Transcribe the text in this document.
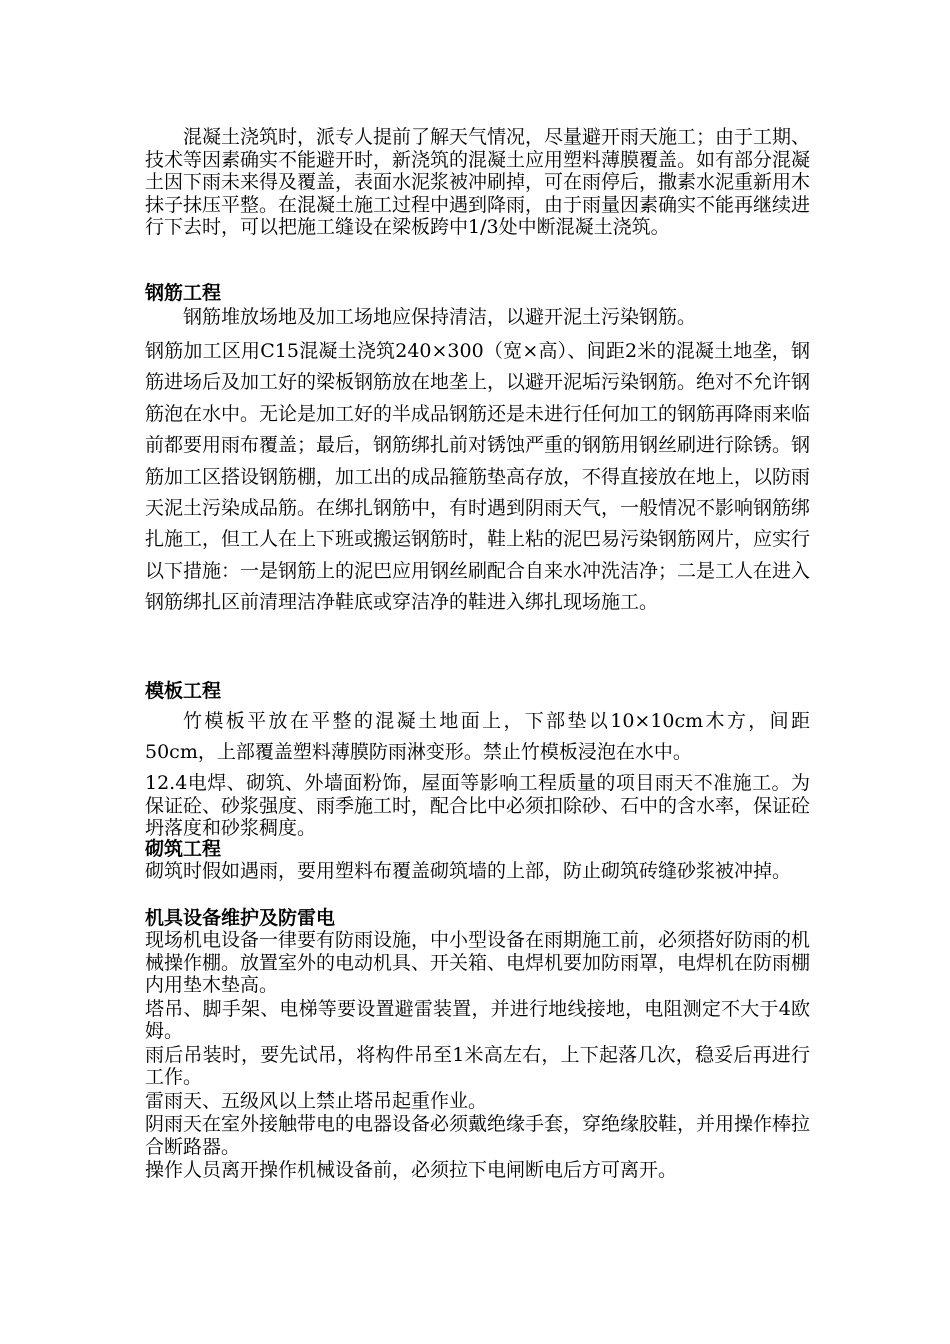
混凝土浇筑时，派专人提前了解天气情况，尽量避开雨天施工；由于工期、技术等因素确实不能避开时，新浇筑的混凝土应用塑料薄膜覆盖。如有部分混凝土因下雨未来得及覆盖，表面水泥浆被冲刷掉，可在雨停后，撒素水泥重新用木抹子抹压平整。在混凝土施工过程中遇到降雨，由于雨量因素确实不能再继续进行下去时，可以把施工缝设在梁板跨中1/3处中断混凝土浇筑。

钢筋工程

钢筋堆放场地及加工场地应保持清洁，以避开泥土污染钢筋。

钢筋加工区用C15混凝土浇筑240×300（宽×高）、间距2米的混凝土地垄，钢筋进场后及加工好的梁板钢筋放在地垄上，以避开泥垢污染钢筋。绝对不允许钢筋泡在水中。无论是加工好的半成品钢筋还是未进行任何加工的钢筋再降雨来临前都要用雨布覆盖；最后，钢筋绑扎前对锈蚀严重的钢筋用钢丝刷进行除锈。钢筋加工区搭设钢筋棚，加工出的成品箍筋垫高存放，不得直接放在地上，以防雨天泥土污染成品筋。在绑扎钢筋中，有时遇到阴雨天气，一般情况不影响钢筋绑扎施工，但工人在上下班或搬运钢筋时，鞋上粘的泥巴易污染钢筋网片，应实行以下措施：一是钢筋上的泥巴应用钢丝刷配合自来水冲洗洁净；二是工人在进入钢筋绑扎区前清理洁净鞋底或穿洁净的鞋进入绑扎现场施工。

模板工程

竹模板平放在平整的混凝土地面上，下部垫以10×10cm木方，间距50cm，上部覆盖塑料薄膜防雨淋变形。禁止竹模板浸泡在水中。

12.4电焊、砌筑、外墙面粉饰，屋面等影响工程质量的项目雨天不准施工。为保证砼、砂浆强度、雨季施工时，配合比中必须扣除砂、石中的含水率，保证砼坍落度和砂浆稠度。

砌筑工程

砌筑时假如遇雨，要用塑料布覆盖砌筑墙的上部，防止砌筑砖缝砂浆被冲掉。

机具设备维护及防雷电

现场机电设备一律要有防雨设施，中小型设备在雨期施工前，必须搭好防雨的机械操作棚。放置室外的电动机具、开关箱、电焊机要加防雨罩，电焊机在防雨棚内用垫木垫高。

塔吊、脚手架、电梯等要设置避雷装置，并进行地线接地，电阻测定不大于4欧姆。

雨后吊装时，要先试吊，将构件吊至1米高左右，上下起落几次，稳妥后再进行工作。

雷雨天、五级风以上禁止塔吊起重作业。

阴雨天在室外接触带电的电器设备必须戴绝缘手套，穿绝缘胶鞋，并用操作棒拉合断路器。

操作人员离开操作机械设备前，必须拉下电闸断电后方可离开。
